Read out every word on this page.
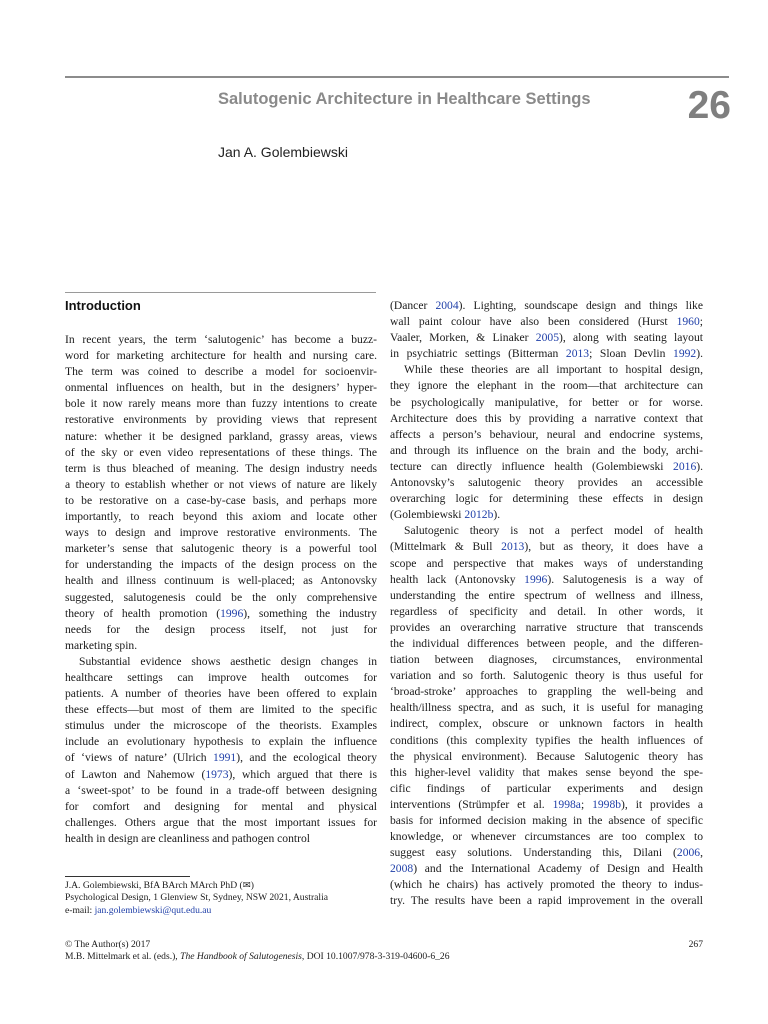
Salutogenic Architecture in Healthcare Settings	26
Jan A. Golembiewski
Introduction
In recent years, the term ‘salutogenic’ has become a buzz-
word for marketing architecture for health and nursing care.
The term was coined to describe a model for socioenvir-
onmental influences on health, but in the designers’ hyper-
bole it now rarely means more than fuzzy intentions to create
restorative environments by providing views that represent
nature: whether it be designed parkland, grassy areas, views
of the sky or even video representations of these things. The
term is thus bleached of meaning. The design industry needs
a theory to establish whether or not views of nature are likely
to be restorative on a case-by-case basis, and perhaps more
importantly, to reach beyond this axiom and locate other
ways to design and improve restorative environments. The
marketer’s sense that salutogenic theory is a powerful tool
for understanding the impacts of the design process on the
health and illness continuum is well-placed; as Antonovsky
suggested, salutogenesis could be the only comprehensive
theory of health promotion (1996), something the industry
needs for the design process itself, not just for
marketing spin.
Substantial evidence shows aesthetic design changes in
healthcare settings can improve health outcomes for
patients. A number of theories have been offered to explain
these effects—but most of them are limited to the specific
stimulus under the microscope of the theorists. Examples
include an evolutionary hypothesis to explain the influence
of ‘views of nature’ (Ulrich 1991), and the ecological theory
of Lawton and Nahemow (1973), which argued that there is
a ‘sweet-spot’ to be found in a trade-off between designing
for comfort and designing for mental and physical
challenges. Others argue that the most important issues for
health in design are cleanliness and pathogen control
(Dancer 2004). Lighting, soundscape design and things like
wall paint colour have also been considered (Hurst 1960;
Vaaler, Morken, & Linaker 2005), along with seating layout
in psychiatric settings (Bitterman 2013; Sloan Devlin 1992).
While these theories are all important to hospital design,
they ignore the elephant in the room—that architecture can
be psychologically manipulative, for better or for worse.
Architecture does this by providing a narrative context that
affects a person’s behaviour, neural and endocrine systems,
and through its influence on the brain and the body, archi-
tecture can directly influence health (Golembiewski 2016).
Antonovsky’s salutogenic theory provides an accessible
overarching logic for determining these effects in design
(Golembiewski 2012b).
Salutogenic theory is not a perfect model of health
(Mittelmark & Bull 2013), but as theory, it does have a
scope and perspective that makes ways of understanding
health lack (Antonovsky 1996). Salutogenesis is a way of
understanding the entire spectrum of wellness and illness,
regardless of specificity and detail. In other words, it
provides an overarching narrative structure that transcends
the individual differences between people, and the differen-
tiation between diagnoses, circumstances, environmental
variation and so forth. Salutogenic theory is thus useful for
‘broad-stroke’ approaches to grappling the well-being and
health/illness spectra, and as such, it is useful for managing
indirect, complex, obscure or unknown factors in health
conditions (this complexity typifies the health influences of
the physical environment). Because Salutogenic theory has
this higher-level validity that makes sense beyond the spe-
cific findings of particular experiments and design
interventions (Strümpfer et al. 1998a; 1998b), it provides a
basis for informed decision making in the absence of specific
knowledge, or whenever circumstances are too complex to
suggest easy solutions. Understanding this, Dilani (2006,
2008) and the International Academy of Design and Health
(which he chairs) has actively promoted the theory to indus-
try. The results have been a rapid improvement in the overall
J.A. Golembiewski, BfA BArch MArch PhD (✉)
Psychological Design, 1 Glenview St, Sydney, NSW 2021, Australia
e-mail: jan.golembiewski@qut.edu.au
© The Author(s) 2017
M.B. Mittelmark et al. (eds.), The Handbook of Salutogenesis, DOI 10.1007/978-3-319-04600-6_26
267
